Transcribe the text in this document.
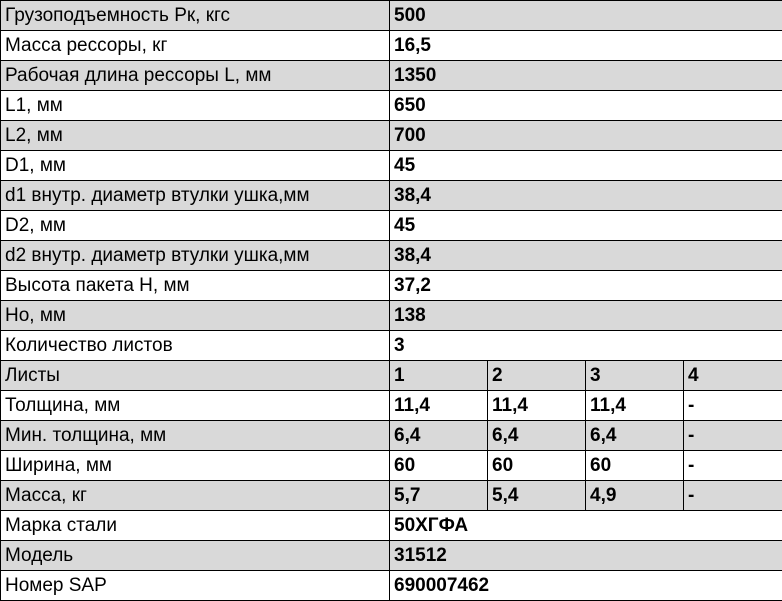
Грузоподъемность Рк, кгс	500			
Масса рессоры, кг	16,5			
Рабочая длина рессоры L, мм	1350			
L1, мм	650			
L2, мм	700			
D1, мм	45			
d1 внутр. диаметр втулки ушка,мм	38,4			
D2, мм	45			
d2 внутр. диаметр втулки ушка,мм	38,4			
Высота пакета Н, мм	37,2			
Но, мм	138			
Количество листов	3			
Листы	1	2	3	4
Толщина, мм	11,4	11,4	11,4	-
Мин. толщина, мм	6,4	6,4	6,4	-
Ширина, мм	60	60	60	-
Масса, кг	5,7	5,4	4,9	-
Марка стали	50ХГФА			
Модель	31512			
Номер SAP	690007462			
